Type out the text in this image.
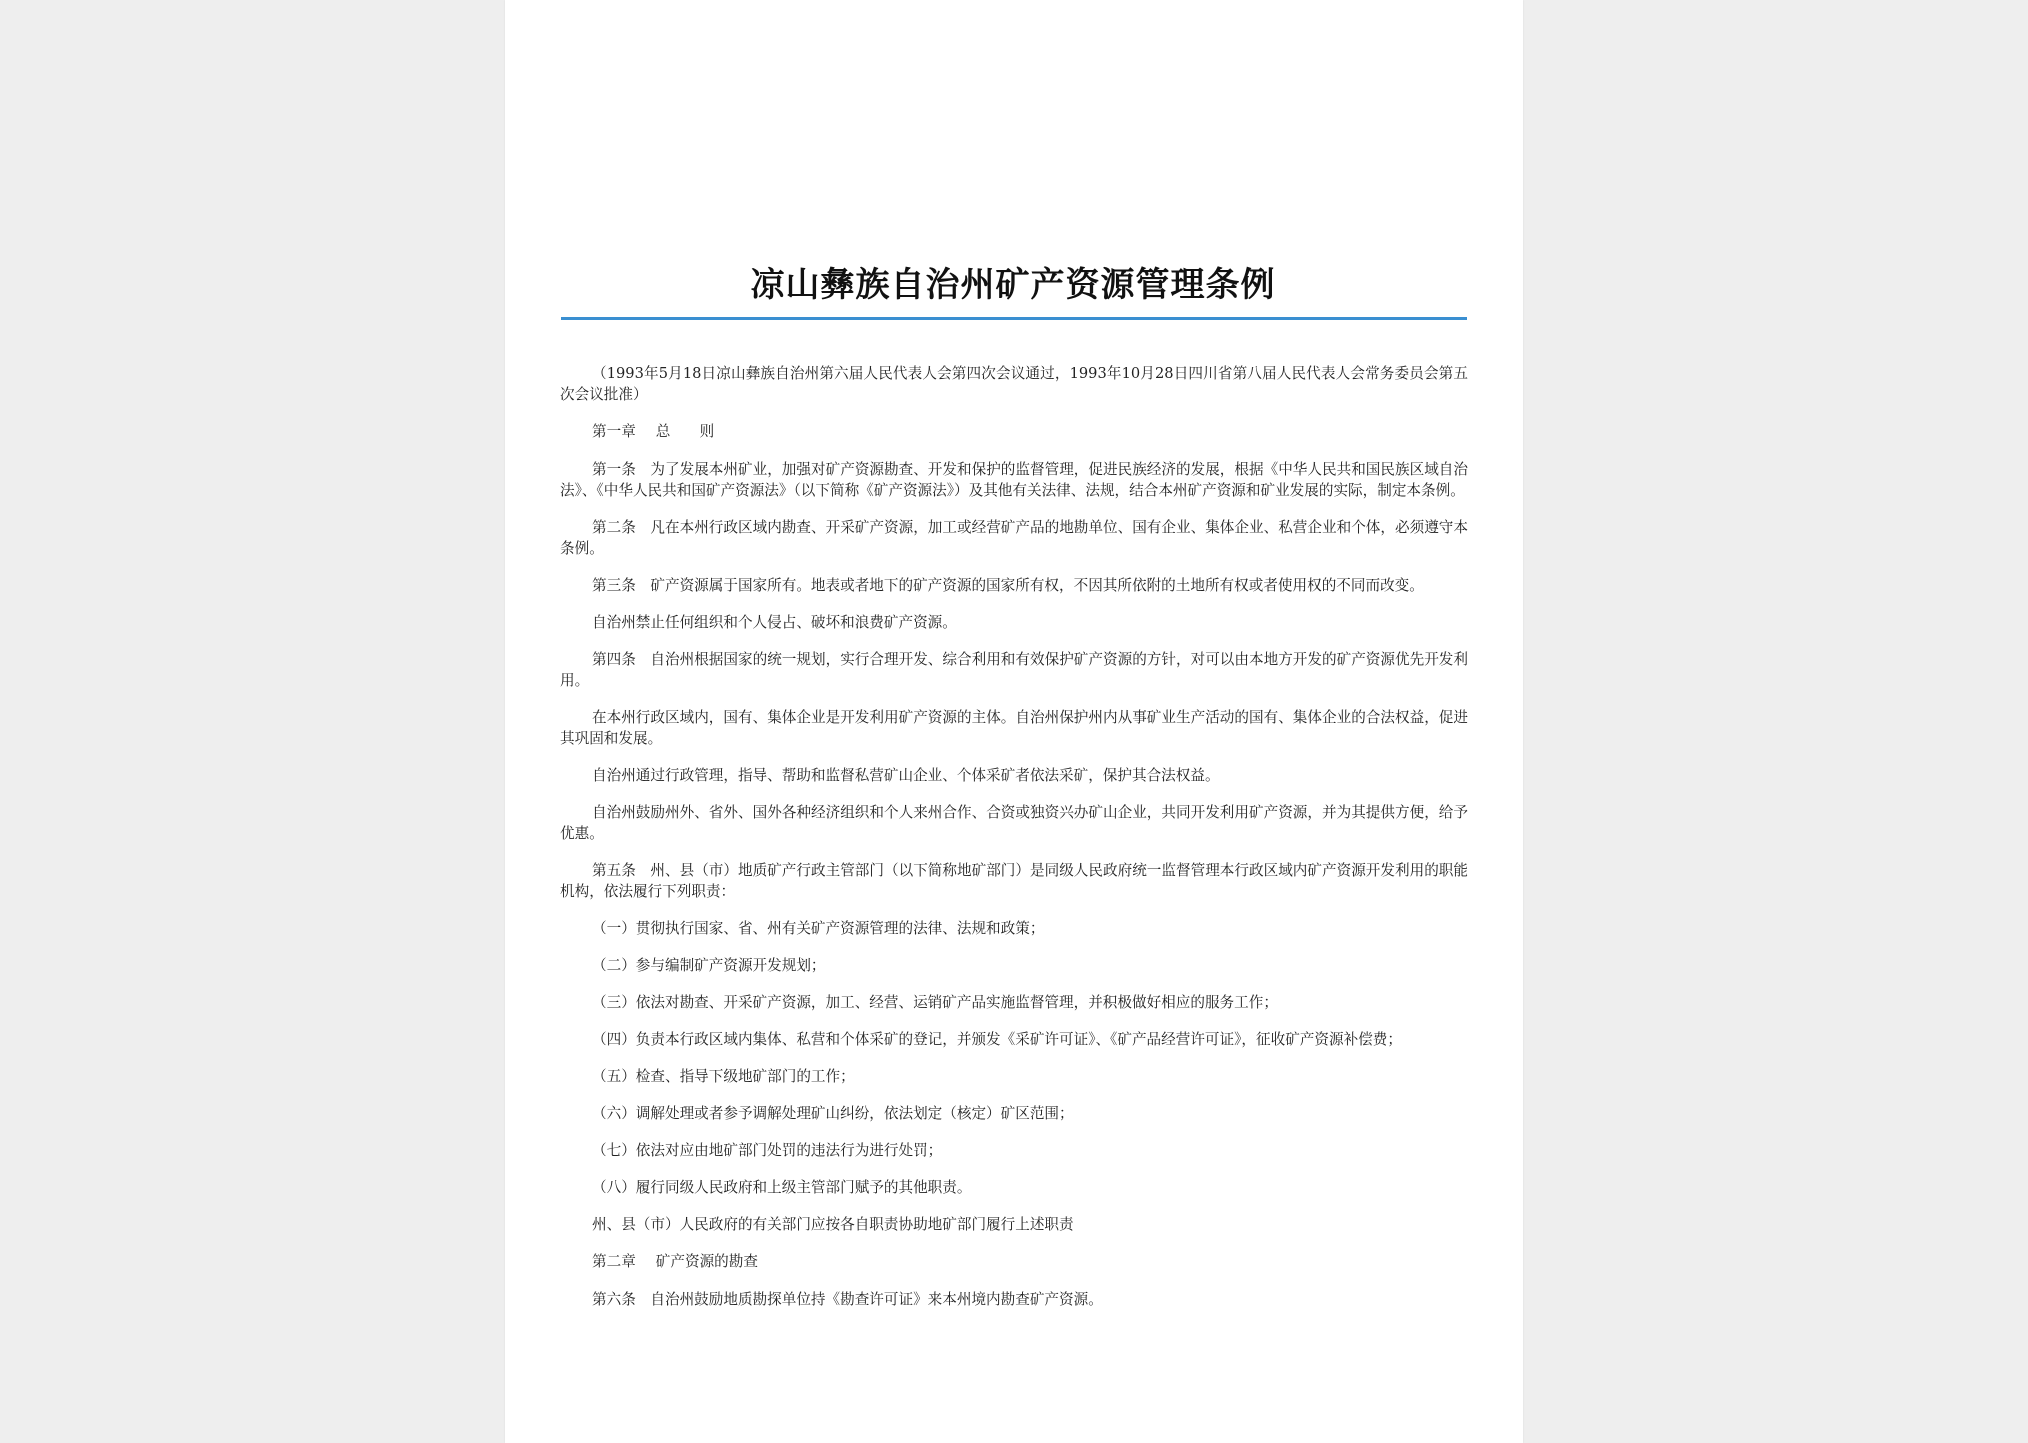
凉山彝族自治州矿产资源管理条例

（1993年5月18日凉山彝族自治州第六届人民代表人会第四次会议通过，1993年10月28日四川省第八届人民代表人会常务委员会第五次会议批准）

第一章 总　　则

第一条　为了发展本州矿业，加强对矿产资源勘查、开发和保护的监督管理，促进民族经济的发展，根据《中华人民共和国民族区域自治法》、《中华人民共和国矿产资源法》（以下简称《矿产资源法》）及其他有关法律、法规，结合本州矿产资源和矿业发展的实际，制定本条例。

第二条　凡在本州行政区域内勘查、开采矿产资源，加工或经营矿产品的地勘单位、国有企业、集体企业、私营企业和个体，必须遵守本条例。

第三条　矿产资源属于国家所有。地表或者地下的矿产资源的国家所有权，不因其所依附的土地所有权或者使用权的不同而改变。

自治州禁止任何组织和个人侵占、破坏和浪费矿产资源。

第四条　自治州根据国家的统一规划，实行合理开发、综合利用和有效保护矿产资源的方针，对可以由本地方开发的矿产资源优先开发利用。

在本州行政区域内，国有、集体企业是开发利用矿产资源的主体。自治州保护州内从事矿业生产活动的国有、集体企业的合法权益，促进其巩固和发展。

自治州通过行政管理，指导、帮助和监督私营矿山企业、个体采矿者依法采矿，保护其合法权益。

自治州鼓励州外、省外、国外各种经济组织和个人来州合作、合资或独资兴办矿山企业，共同开发利用矿产资源，并为其提供方便，给予优惠。

第五条　州、县（市）地质矿产行政主管部门（以下简称地矿部门）是同级人民政府统一监督管理本行政区域内矿产资源开发利用的职能机构，依法履行下列职责：

（一）贯彻执行国家、省、州有关矿产资源管理的法律、法规和政策；

（二）参与编制矿产资源开发规划；

（三）依法对勘查、开采矿产资源，加工、经营、运销矿产品实施监督管理，并积极做好相应的服务工作；

（四）负责本行政区域内集体、私营和个体采矿的登记，并颁发《采矿许可证》、《矿产品经营许可证》，征收矿产资源补偿费；

（五）检查、指导下级地矿部门的工作；

（六）调解处理或者参予调解处理矿山纠纷，依法划定（核定）矿区范围；

（七）依法对应由地矿部门处罚的违法行为进行处罚；

（八）履行同级人民政府和上级主管部门赋予的其他职责。

州、县（市）人民政府的有关部门应按各自职责协助地矿部门履行上述职责

第二章 矿产资源的勘查

第六条　自治州鼓励地质勘探单位持《勘查许可证》来本州境内勘查矿产资源。
